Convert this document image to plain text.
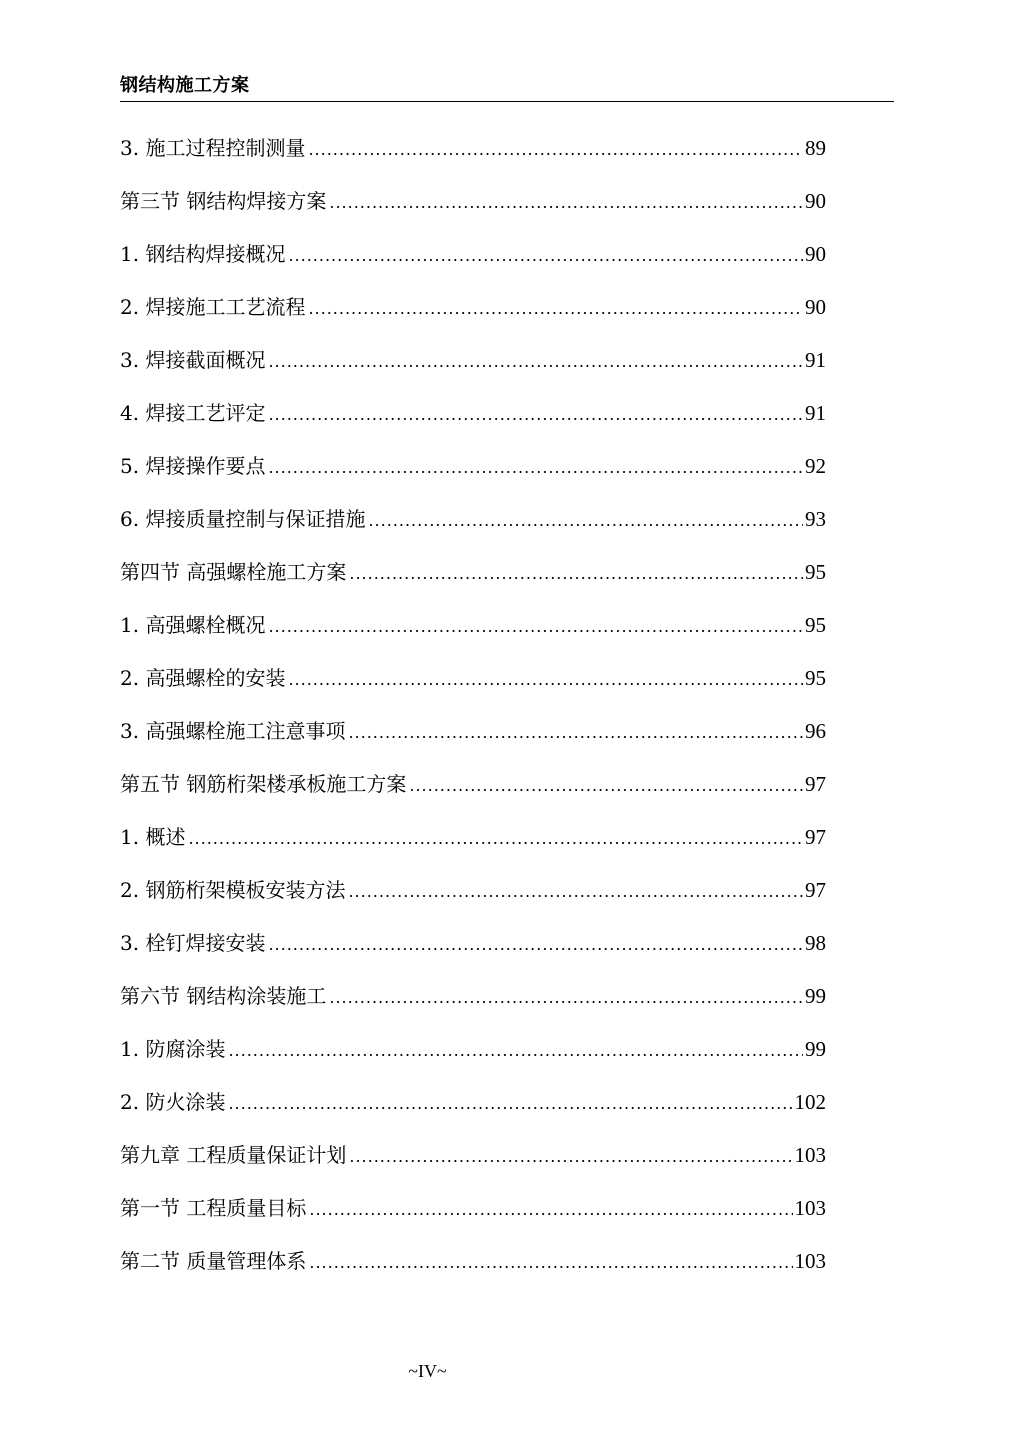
钢结构施工方案
3. 施工过程控制测量 .....	89
第三节 钢结构焊接方案 .....	90
1. 钢结构焊接概况 .....	90
2. 焊接施工工艺流程 .....	90
3. 焊接截面概况 .....	91
4. 焊接工艺评定 .....	91
5. 焊接操作要点 .....	92
6. 焊接质量控制与保证措施 .....	93
第四节 高强螺栓施工方案 .....	95
1. 高强螺栓概况 .....	95
2. 高强螺栓的安装 .....	95
3. 高强螺栓施工注意事项 .....	96
第五节 钢筋桁架楼承板施工方案 .....	97
1. 概述 .....	97
2. 钢筋桁架模板安装方法 .....	97
3. 栓钉焊接安装 .....	98
第六节 钢结构涂装施工 .....	99
1. 防腐涂装 .....	99
2. 防火涂装 .....	102
第九章 工程质量保证计划 .....	103
第一节 工程质量目标 .....	103
第二节 质量管理体系 .....	103
~IV~
